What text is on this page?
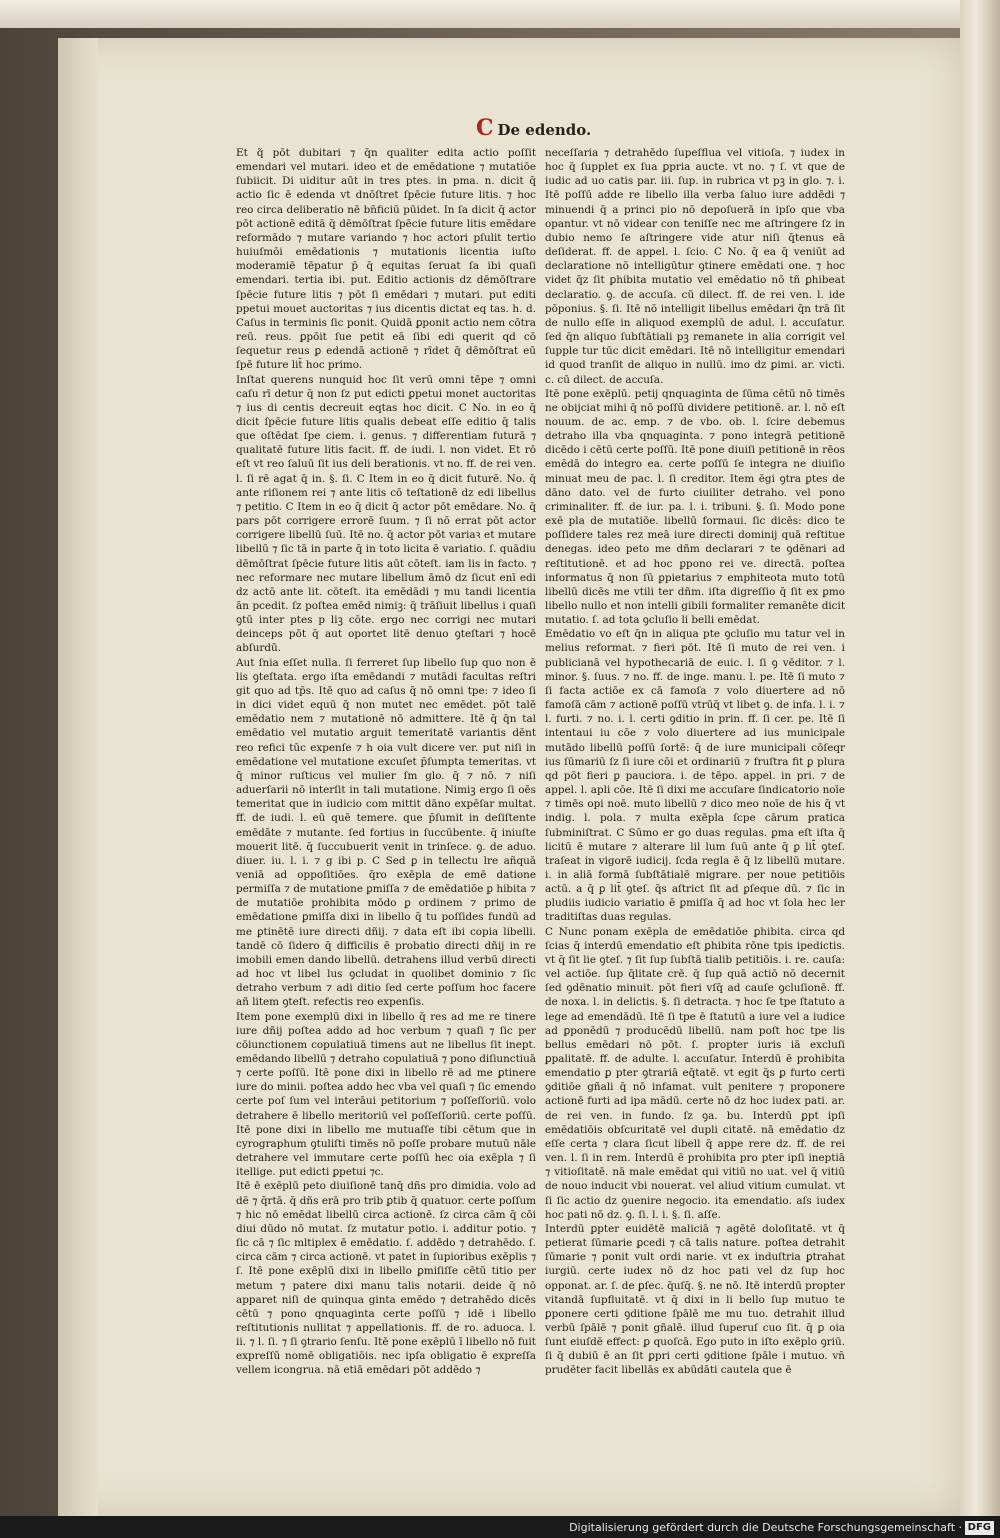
C De edendo.

Et q̃ pōt dubitari ⁊ q̄n qualiter edita actio poſſit emendari vel mutari. ideo et de emēdatione ⁊ mutatiōe ſubiicit. Di uiditur aūt in tres ptes. in pma. n. dicit q̄ actio ſic ē edenda vt dnōſtret ſpēcie future litis. ⁊ hoc reo circa deliberatio nē bn̄ficiū pūidet. In ſa dicit q̄ actor pōt actionē editā q̄ dēmōſtrat ſpēcie future litis emēdare reformādo ⁊ mutare variando ⁊ hoc actori pſulit tertio huiuſmōi emēdationis ⁊ mutationis licentia iuſto moderamiē tēpatur p̄ q̄ equitas ſeruat ſa ibi quaſi emendari. tertia ibi. put. Editio actionis dz dēmōſtrare ſpēcie future litis ⁊ pōt ſi emēdari ⁊ mutari. put editi ppetui mouet auctoritas ⁊ ius dicentis dictat eq tas. h. d. Caſus in terminis ſic ponit. Quidā ꝑponit actio nem cōtra reū. reus. ꝑpōit ſue petit eā ſibi edi querit qd cō ſequetur reus ꝑ edendā actionē ⁊ rīdet q̄ dēmōſtrat eū ſpē future lit̄ hoc primo.

Inſtat querens nunquid hoc ſit verū omni tēpe ⁊ omni caſu rī detur q̄ non ſz put edicti ꝑpetui monet auctoritas ⁊ ius di centis decreuit eqtas hoc dicit. C No. in eo q̄ dicit ſpēcie future litis qualis debeat eſſe editio q̄ talis que oſtēdat ſpe ciem. i. genus. ⁊ differentiam futurā ⁊ qualitatē future litis facit. ff. de iudi. l. non videt. Et rō eſt vt reo ſaluū ſit ius deli berationis. vt no. ff. de rei ven. l. ſi rē agat q̄ in. §. ſi. C Item in eo q̄ dicit futurē. No. q̄ ante riſionem rei ⁊ ante litis cō teſtationē dz edi libellus ⁊ petitio. C Item in eo q̄ dicit q̄ actor pōt emēdare. No. q̄ pars pōt corrigere errorē ſuum. ⁊ ſi nō errat pōt actor corrigere libellū ſuū. Itē no. q̄ actor pōt variaꝛ et mutare libellū ⁊ ſic tā in parte q̄ in toto licita ē variatio. ſ. quādiu dēmōſtrat ſpēcie future litis aūt cōteſt. iam lis in facto. ⁊ nec reformare nec mutare libellum āmō dz ſicut enī edi dz actō ante lit. cōteſt. ita emēdādi ⁊ mu tandi licentia ān pcedit. ſz poſtea emēd nimiꝫ: q̄ trāſiuit libellus i quaſi ꝯtū inter ptes p liꝫ cōte. ergo nec corrigi nec mutari deinceps pōt q̄ aut oportet litē denuo ꝯteſtari ⁊ hocē abſurdū.

Aut ſnia eſſet nulla. ſi ferreret ſup libello ſup quo non ē lis ꝯteſtata. ergo iſta emēdandi ⁊ mutādi facultas reſtri git quo ad tp̄s. Itē quo ad caſus q̄ nō omni tpe: ⁊ ideo ſi in dici videt equū q̄ non mutet nec emēdet. pōt talē emēdatio nem ⁊ mutationē nō admittere. Itē q̄ q̄n tal emēdatio vel mutatio arguit temeritatē variantis dēnt reo refici tūc expenſe ⁊ h oia vult dicere ver. put niſi in emēdatione vel mutatione excuſet p̄ſumpta temeritas. vt q̄ minor ruſticus vel mulier ſm glo. q̄ ⁊ nō. ⁊ niſi aduerſarii nō interſit in tali mutatione. Nimiꝫ ergo ſi oēs temeritat que in iudicio com mittit dāno expēſar multat. ff. de iudi. l. eū quē temere. que p̄ſumit in deſiſtente emēdāte ⁊ mutante. ſed fortius in ſuccūbente. q̄ iniuſte mouerit litē. q̄ ſuccubuerit venit in trinſece. ꝯ. de aduo. diuer. iu. l. i. ⁊ g ibi p. C Sed ꝑ in tellectu lre añquā veniā ad oppoſitiōes. q̄ro exēpla de emē datione permiſſa ⁊ de mutatione ꝑmiſſa ⁊ de emēdatiōe ꝑ hibita ⁊ de mutatiōe prohibita mōdo ꝑ ordinem ⁊ primo de emēdatione ꝑmiſſa dixi in libello q̄ tu poſſides fundū ad me ꝑtinētē iure directi dñij. ⁊ data eſt ibi copia libelli. tandē cō ſidero q̄ difficilis ē probatio directi dñij in re imobili emen dando libellū. detrahens illud verbū directi ad hoc vt libel lus ꝯcludat in quolibet dominio ⁊ ſic detraho verbum ⁊ adi ditio ſed certe poſſum hoc facere añ litem ꝯteſt. refectis reo expenſis.

Item pone exemplū dixi in libello q̄ res ad me re tinere iure dñij poſtea addo ad hoc verbum ⁊ quaſi ⁊ ſic per cōiunctionem copulatiuā timens aut ne libellus ſit inept. emēdando libellū ⁊ detraho copulatiuā ⁊ pono diſiunctiuā ⁊ certe poſſū. Itē pone dixi in libello rē ad me ꝑtinere iure do minii. poſtea addo hec vba vel quaſi ⁊ ſic emendo certe poſ ſum vel interāui petitorium ⁊ poſſeſſoriū. volo detrahere ē libello meritoriū vel poſſeſſoriū. certe poſſū. Itē pone dixi in libello me mutuaſſe tibi cētum que in cyrographum ꝯtuliſti timēs nō poſſe probare mutuū nāle detrahere vel immutare certe poſſū hec oia exēpla ⁊ ſi itellige. put edicti ꝑpetui ⁊c.

Itē ē exēplū peto diuiſionē tanq̄ dñs pro dimidia. volo ad dē ⁊ q̄rtā. q̄ dñs erā pro trib ꝑtib q̄ quatuor. certe poſſum ⁊ hic nō emēdat libellū circa actionē. ſz circa cām q̄ cōi diui dūdo nō mutat. ſz mutatur potio. i. additur potio. ⁊ ſic cā ⁊ ſic mltiplex ē emēdatio. ſ. addēdo ⁊ detrahēdo. ſ. circa cām ⁊ circa actionē. vt patet in ſupioribus exēplis ⁊ ſ. Itē pone exēplū dixi in libello ꝑmiſiſſe cētū titio per metum ⁊ patere dixi manu talis notarii. deide q̄ nō apparet niſi de quinqua ginta emēdo ⁊ detrahēdo dicēs cētū ⁊ pono qnquaginta certe poſſū ⁊ idē i libello reſtitutionis nullitat ⁊ appellationis. ff. de ro. aduoca. l. ii. ⁊ l. ſi. ⁊ ſi ꝯtrario ſenſu. Itē pone exēplū ī libello nō fuit expreſſū nomē obligatiōis. nec ipſa obligatio ē expreſſa vellem icongrua. nā etiā emēdari pōt addēdo ⁊

neceſſaria ⁊ detrahēdo ſupeſflua vel vitioſa. ⁊ iudex in hoc q̄ ſupplet ex ſua ꝑpria aucte. vt no. ⁊ ſ. vt que de iudic ad uo catis par. iii. ſup. in rubrica vt pꝫ in glo. ⁊. i. Itē poſſū adde re libello illa verba ſaluo iure addēdi ⁊ minuendi q̄ a princi pio nō depoſuerā in ipſo que vba opantur. vt nō videar con teniſſe nec me aſtringere ſz in dubio nemo ſe aſtringere vide atur niſi q̄tenus eā deſiderat. ff. de appel. l. ſcio. C No. q̄ ea q̄ veniūt ad declaratione nō intelligūtur ꝯtinere emēdati one. ⁊ hoc videt q̄z ſit ꝑhibita mutatio vel emēdatio nō tñ ꝑhibeat declaratio. ꝯ. de accuſa. cū dilect. ff. de rei ven. l. ide pōponius. §. ſi. Itē nō intelligit libellus emēdari q̄n trā ſit de nullo eſſe in aliquod exemplū de adul. l. accuſatur. ſed q̄n aliquo ſubſtātiali pꝫ remanete in alia corrigit vel ſupple tur tūc dicit emēdari. Itē nō intelligitur emendari id quod tranſit de aliquo in nullū. imo dz ꝑimi. ar. victi. c. cū dilect. de accuſa.

Itē pone exēplū. petij qnquaginta de ſūma cētū nō timēs ne obijciat mihi q̄ nō poſſū dividere petitionē. ar. l. nō eſt nouum. de ac. emp. ⁊ de vbo. ob. l. ſcire debemus detraho illa vba qnquaginta. ⁊ pono integrā petitionē dicēdo i cētū certe poſſū. Itē pone diuiſi petitionē in rēos emēdā do integro ea. certe poſſū ſe integra ne diuiſio minuat meu de pac. l. ſi creditor. Item ēgi ꝯtra ꝑtes de dāno dato. vel de furto ciuiliter detraho. vel pono criminaliter. ff. de iur. pa. l. i. tribuni. §. ſi. Modo pone exē pla de mutatiōe. libellū formaui. ſic dicēs: dico te poſſidere tales rez meā iure directi dominij quā reſtitue denegas. ideo peto me dñm declarari ⁊ te ꝯdēnari ad reſtitutionē. et ad hoc ꝑpono rei ve. directā. poſtea informatus q̄ non ſū ꝑpietarius ⁊ emphiteota muto totū libellū dicēs me vtili ter dñm. iſta digreſſio q̄ ſit ex ꝑmo libello nullo et non intelli gibili formaliter remanēte dicit mutatio. ſ. ad tota ꝯcluſio li belli emēdat.

Emēdatio vo eſt q̄n in aliqua pte ꝯcluſio mu tatur vel in melius reformat. ⁊ fieri pōt. Itē ſi muto de rei ven. i publicianā vel hypothecariā de euic. l. ſi ꝯ vēditor. ⁊ l. minor. §. ſuus. ⁊ no. ff. de inge. manu. l. pe. Itē ſi muto ⁊ ſi facta actiōe ex cā famoſa ⁊ volo diuertere ad nō famoſā cām ⁊ actionē poſſū vtrūq̄ vt libet ꝯ. de infa. l. i. ⁊ l. furti. ⁊ no. i. l. certi ꝯditio in prin. ff. ſi cer. pe. Itē ſi intentaui iu cōe ⁊ volo diuertere ad ius municipale mutādo libellū poſſū ſortē: q̄ de iure municipali cōſeqr ius ſūmariū ſz ſi iure cōi et ordinariū ⁊ fruſtra fit ꝑ plura qd pōt fieri ꝑ pauciora. i. de tēpo. appel. in pri. ⁊ de appel. l. apli cōe. Itē ſi dixi me accuſare ſindicatorio noīe ⁊ timēs opi noē. muto libellū ⁊ dico meo noīe de his q̄ vt indig. l. pola. ⁊ multa exēpla ſcpe cārum pratica ſubminiſtrat. C Sūmo er go duas regulas. ꝑma eſt iſta q̄ licitū ē mutare ⁊ alterare lil lum ſuū ante q̄ ꝑ lit̄ ꝯteſ. traſeat in vigorē iudicij. ſcda regla ē q̄ lz libellū mutare. i. in aliā formā ſubſtātialē migrare. per noue petitiōis actū. a q̄ ꝑ lit̄ ꝯteſ. q̄s aſtrict ſit ad ꝑſeque dū. ⁊ ſic in pludiis iudicio variatio ē ꝑmiſſa q̄ ad hoc vt ſola hec ler traditiſtas duas regulas.

C Nunc ponam exēpla de emēdatiōe ꝑhibita. circa qd ſcias q̄ interdū emendatio eſt ꝑhibita rōne tpis ipedictis. vt q̄ ſit lie ꝯteſ. ⁊ ſit ſup ſubſtā tialib petitiōis. i. re. cauſa: vel actiōe. ſup q̄litate crē. q̄ ſup quā actiō nō decernit ſed ꝯdēnatio minuit. pōt fieri vſq̄ ad cauſe ꝯcluſionē. ff. de noxa. l. in delictis. §. ſi detracta. ⁊ hoc ſe tpe ſtatuto a lege ad emendādū. Itē ſi tpe ē ſtatutū a iure vel a iudice ad ꝑponēdū ⁊ producēdū libellū. nam poſt hoc tpe lis bellus emēdari nō pōt. ſ. propter iuris iā excluſi ꝑpalitatē. ff. de adulte. l. accuſatur. Interdū ē prohibita emendatio ꝑ pter ꝯtrariā eq̄tatē. vt egit q̄s ꝑ furto certi ꝯditiōe gñali q̄ nō infamat. vult penitere ⁊ proponere actionē furti ad ipa mādū. certe nō dz hoc iudex pati. ar. de rei ven. in fundo. ſz ꝯa. bu. Interdū ꝑpt ipſi emēdatiōis obſcuritatē vel dupli citatē. nā emēdatio dz eſſe certa ⁊ clara ſicut libell q̄ appe rere dz. ff. de rei ven. l. ſi in rem. Interdū ē prohibita pro pter ipſi ineptiā ⁊ vitioſitatē. nā male emēdat qui vitiū no uat. vel q̄ vitiū de nouo inducit vbi nouerat. vel aliud vitium cumulat. vt ſi ſic actio dz ꝯuenire negocio. ita emendatio. aſs iudex hoc pati nō dz. ꝯ. ſi. l. i. §. ſi. aſſe.

Interdū ꝑpter euidētē maliciā ⁊ agētē doloſitatē. vt q̄ petierat ſūmarie ꝑcedi ⁊ cā talis nature. poſtea detrahit ſūmarie ⁊ ponit vult ordi narie. vt ex induſtria ꝑtrahat iurgiū. certe iudex nō dz hoc pati vel dz ſup hoc opponat. ar. ſ. de ꝑſec. q̄uſq̄. §. ne nō. Itē interdū propter vitandā ſupfluitatē. vt q̄ dixi in li bello ſup mutuo te ꝑponere certi ꝯditione ſpālē me mu tuo. detrahit illud verbū ſpālē ⁊ ponit gñalē. illud ſuperuſ cuo ſit. q̄ ꝑ oia ſunt eiuſdē effect: ꝑ quoſcā. Ego puto in iſto exēplo ꝯriū. ſi q̄ dubiū ē an ſit ꝑpri certi ꝯditione ſpāle i mutuo. vn̄ prudēter facit libellās ex abūdāti cautela que ē

Digitalisierung gefördert durch die Deutsche Forschungsgemeinschaft · DFG
